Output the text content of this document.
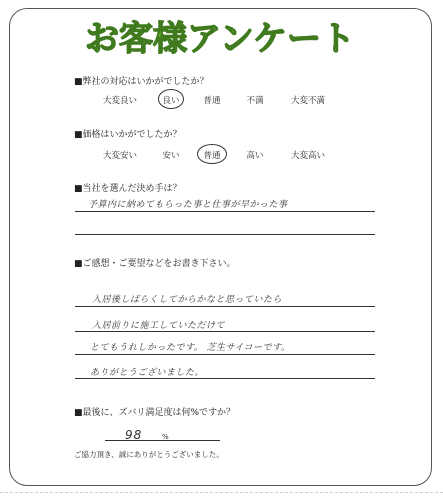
お客様アンケート
■弊社の対応はいかがでしたか？
大変良い	良い	普通	不満	大変不満
■価格はいかがでしたか？
大変安い	安い	普通	高い	大変高い
■当社を選んだ決め手は？
予算内に納めてもらった事と仕事が早かった事
■ご感想・ご要望などをお書き下さい。
入居後しばらくしてからかなと思っていたら
入居前りに施工していただけて
とてもうれしかったです。 芝生サイコーです。
ありがとうございました。
■最後に、ズバリ満足度は何%ですか？
98	%
ご協力頂き、誠にありがとうございました。
